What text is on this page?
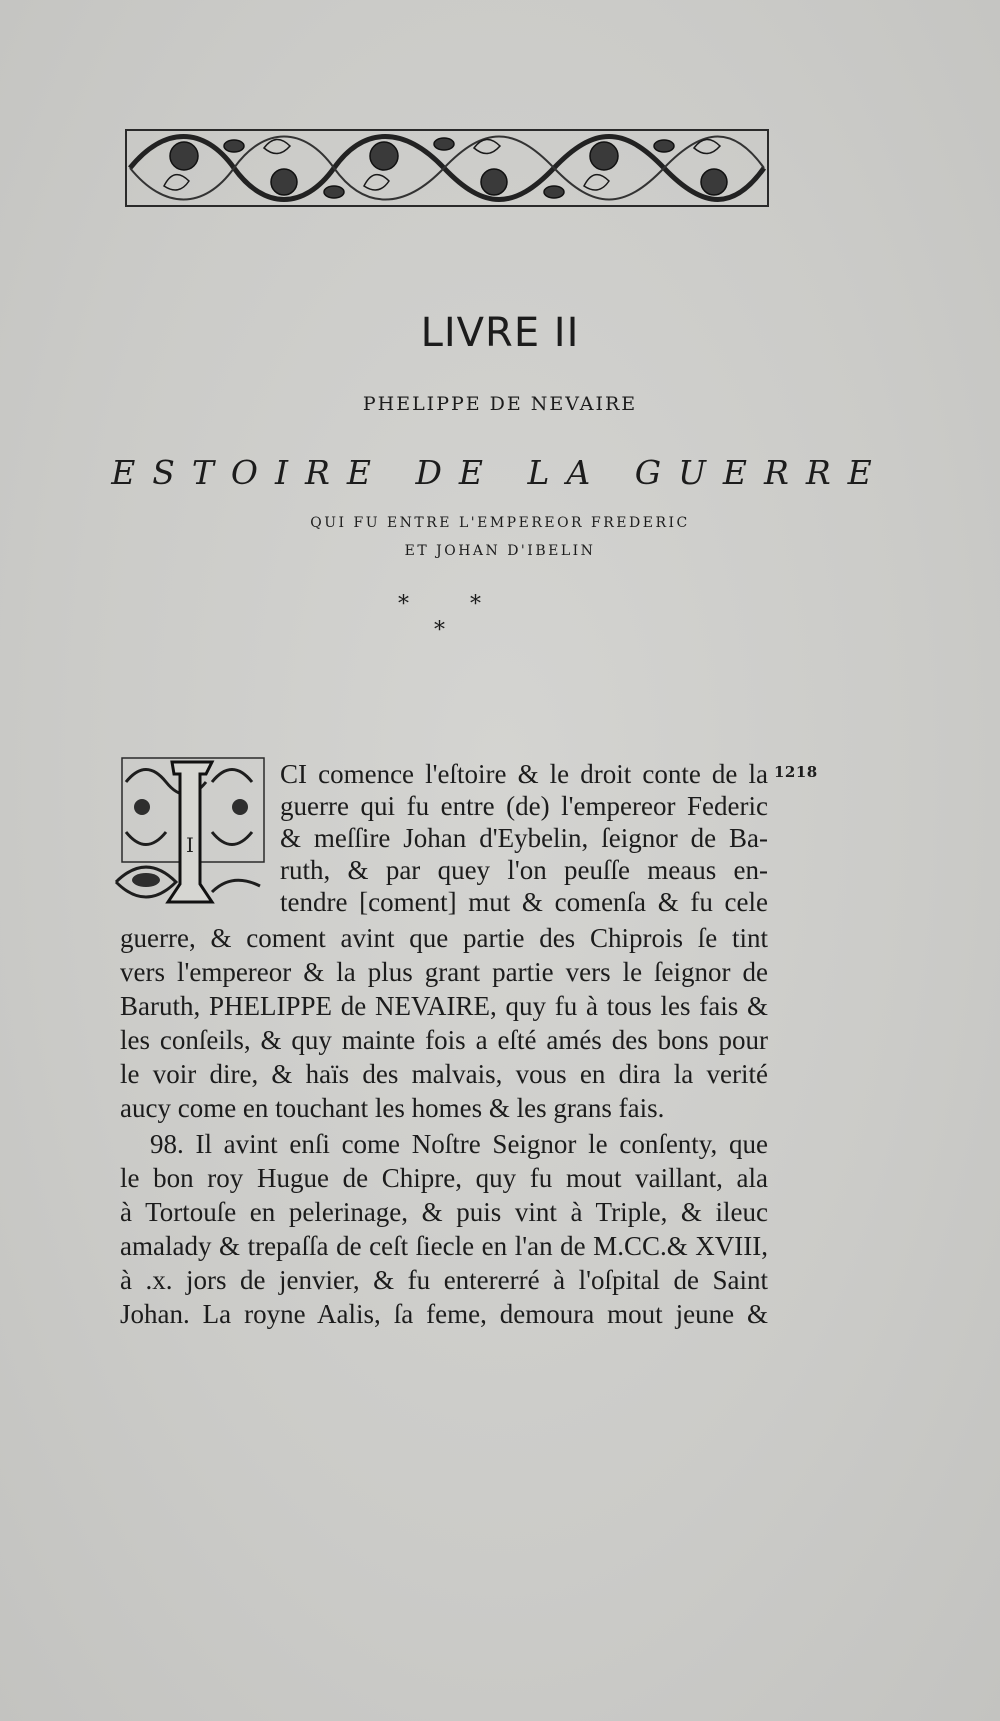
LIVRE II
PHELIPPE DE NEVAIRE
ESTOIRE DE LA GUERRE
QUI FU ENTRE L'EMPEREOR FREDERIC
ET JOHAN D'IBELIN
*	*
*
I
1218
CI comence l'eſtoire & le droit conte de la
guerre qui fu entre (de) l'empereor Federic
& meſſire Johan d'Eybelin, ſeignor de Ba-
ruth, & par quey l'on peuſſe meaus en-
tendre [coment] mut & comenſa & fu cele
guerre, & coment avint que partie des Chiprois ſe tint
vers l'empereor & la plus grant partie vers le ſeignor de
Baruth, PHELIPPE de NEVAIRE, quy fu à tous les fais &
les conſeils, & quy mainte fois a eſté amés des bons pour
le voir dire, & haïs des malvais, vous en dira la verité
aucy come en touchant les homes & les grans fais.
98. Il avint enſi come Noſtre Seignor le conſenty, que
le bon roy Hugue de Chipre, quy fu mout vaillant, ala
à Tortouſe en pelerinage, & puis vint à Triple, & ileuc
amalady & trepaſſa de ceſt ſiecle en l'an de M.CC.& XVIII,
à .x. jors de jenvier, & fu entererré à l'oſpital de Saint
Johan. La royne Aalis, ſa feme, demoura mout jeune &
